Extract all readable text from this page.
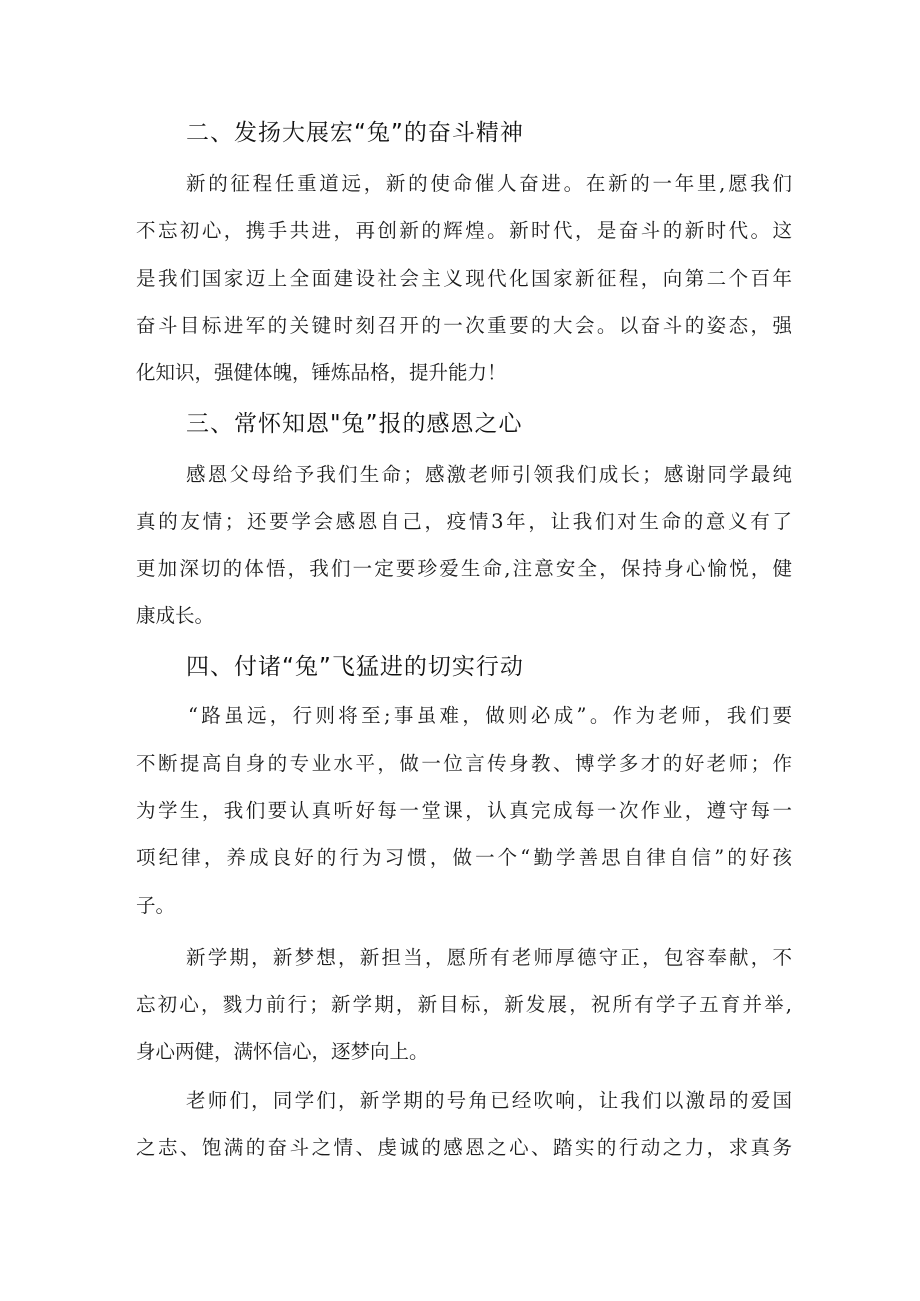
二、发扬大展宏“兔”的奋斗精神
新的征程任重道远，新的使命催人奋进。在新的一年里,愿我们
不忘初心，携手共进，再创新的辉煌。新时代，是奋斗的新时代。这
是我们国家迈上全面建设社会主义现代化国家新征程，向第二个百年
奋斗目标进军的关键时刻召开的一次重要的大会。以奋斗的姿态，强
化知识，强健体魄，锤炼品格，提升能力！
三、常怀知恩"兔”报的感恩之心
感恩父母给予我们生命；感激老师引领我们成长；感谢同学最纯
真的友情；还要学会感恩自己，疫情3年，让我们对生命的意义有了
更加深切的体悟，我们一定要珍爱生命,注意安全，保持身心愉悦，健
康成长。
四、付诸“兔”飞猛进的切实行动
“路虽远，行则将至;事虽难，做则必成”。作为老师，我们要
不断提高自身的专业水平，做一位言传身教、博学多才的好老师；作
为学生，我们要认真听好每一堂课，认真完成每一次作业，遵守每一
项纪律，养成良好的行为习惯，做一个“勤学善思自律自信”的好孩
子。
新学期，新梦想，新担当，愿所有老师厚德守正，包容奉献，不
忘初心，戮力前行；新学期，新目标，新发展，祝所有学子五育并举,
身心两健，满怀信心，逐梦向上。
老师们，同学们，新学期的号角已经吹响，让我们以激昂的爱国
之志、饱满的奋斗之情、虔诚的感恩之心、踏实的行动之力，求真务
